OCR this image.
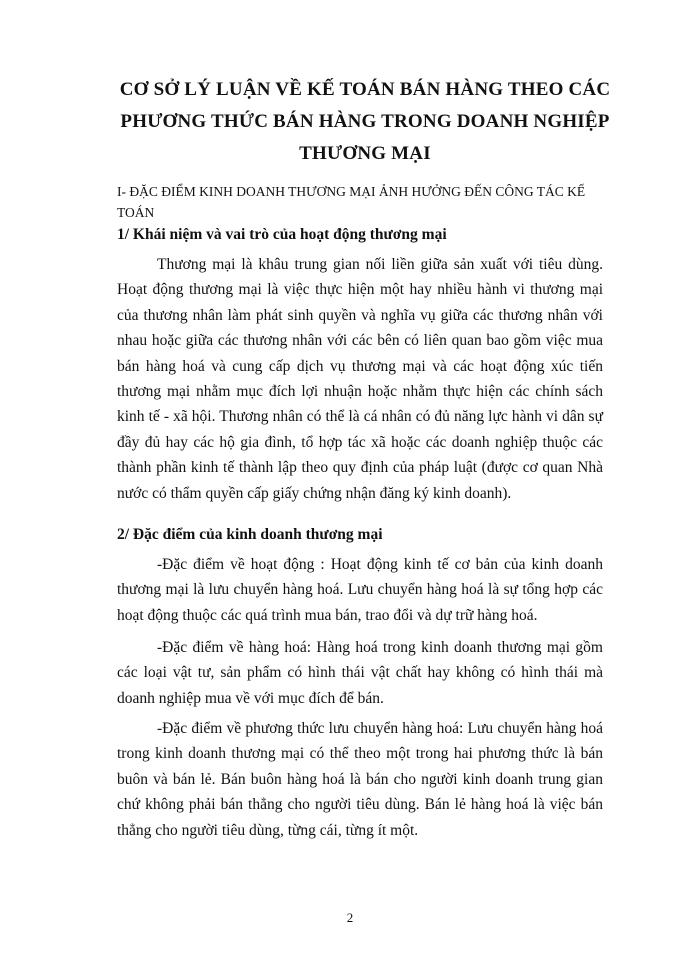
CƠ SỞ LÝ LUẬN VỀ KẾ TOÁN BÁN HÀNG THEO CÁC
PHƯƠNG THỨC BÁN HÀNG TRONG DOANH NGHIỆP
THƯƠNG MẠI
I- ĐẶC ĐIỂM KINH DOANH THƯƠNG MẠI ẢNH HƯỞNG ĐẾN CÔNG TÁC KẾ TOÁN
1/ Khái niệm và vai trò của hoạt động thương mại
Thương mại là khâu trung gian nối liền giữa sản xuất với tiêu dùng. Hoạt động thương mại là việc thực hiện một hay nhiều hành vi thương mại của thương nhân làm phát sinh quyền và nghĩa vụ giữa các thương nhân với nhau hoặc giữa các thương nhân với các bên có liên quan bao gồm việc mua bán hàng hoá và cung cấp dịch vụ thương mại và các hoạt động xúc tiến thương mại nhằm mục đích lợi nhuận hoặc nhằm thực hiện các chính sách kinh tế - xã hội. Thương nhân có thể là cá nhân có đủ năng lực hành vi dân sự đầy đủ hay các hộ gia đình, tổ hợp tác xã hoặc các doanh nghiệp thuộc các thành phần kinh tế thành lập theo quy định của pháp luật (được cơ quan Nhà nước có thẩm quyền cấp giấy chứng nhận đăng ký kinh doanh).
2/ Đặc điểm của kinh doanh thương mại
-Đặc điểm về hoạt động : Hoạt động kinh tế cơ bản của kinh doanh thương mại là lưu chuyển hàng hoá. Lưu chuyển hàng hoá là sự tổng hợp các hoạt động thuộc các quá trình mua bán, trao đổi và dự trữ hàng hoá.
-Đặc điểm về hàng hoá: Hàng hoá trong kinh doanh thương mại gồm các loại vật tư, sản phẩm có hình thái vật chất hay không có hình thái mà doanh nghiệp mua về với mục đích để bán.
-Đặc điểm về phương thức lưu chuyển hàng hoá: Lưu chuyển hàng hoá trong kinh doanh thương mại có thể theo một trong hai phương thức là bán buôn và bán lẻ. Bán buôn hàng hoá là bán cho người kinh doanh trung gian chứ không phải bán thẳng cho người tiêu dùng. Bán lẻ hàng hoá là việc bán thẳng cho người tiêu dùng, từng cái, từng ít một.
2
